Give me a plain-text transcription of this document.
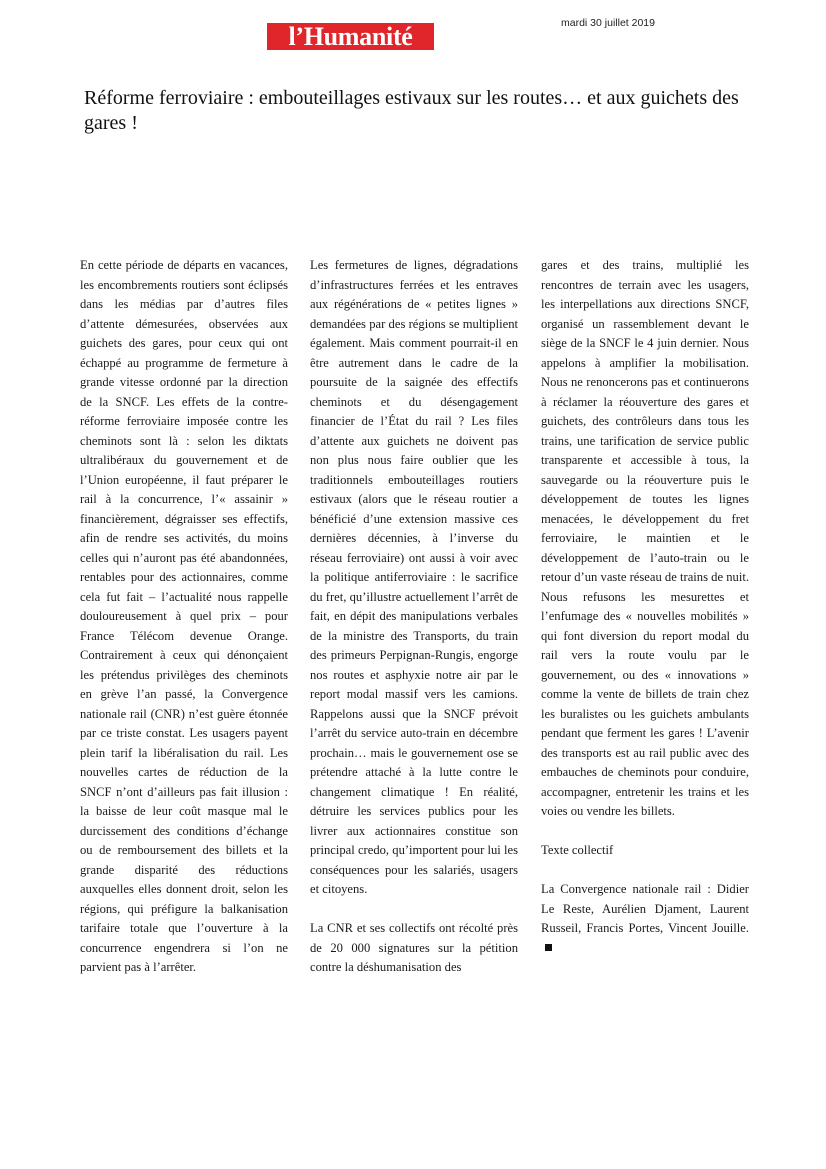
l’Humanité	mardi 30 juillet 2019
Réforme ferroviaire : embouteillages estivaux sur les routes… et aux guichets des gares !

En cette période de départs en vacances, les encombrements routiers sont éclipsés dans les médias par d’autres files d’attente démesurées, observées aux guichets des gares, pour ceux qui ont échappé au programme de fermeture à grande vitesse ordonné par la direction de la SNCF. Les effets de la contre-réforme ferroviaire imposée contre les cheminots sont là : selon les diktats ultralibéraux du gouvernement et de l’Union européenne, il faut préparer le rail à la concurrence, l’« assainir » financièrement, dégraisser ses effectifs, afin de rendre ses activités, du moins celles qui n’auront pas été abandonnées, rentables pour des actionnaires, comme cela fut fait – l’actualité nous rappelle douloureusement à quel prix – pour France Télécom devenue Orange. Contrairement à ceux qui dénonçaient les prétendus privilèges des cheminots en grève l’an passé, la Convergence nationale rail (CNR) n’est guère étonnée par ce triste constat. Les usagers payent plein tarif la libéralisation du rail. Les nouvelles cartes de réduction de la SNCF n’ont d’ailleurs pas fait illusion : la baisse de leur coût masque mal le durcissement des conditions d’échange ou de remboursement des billets et la grande disparité des réductions auxquelles elles donnent droit, selon les régions, qui préfigure la balkanisation tarifaire totale que l’ouverture à la concurrence engendrera si l’on ne parvient pas à l’arrêter.

Les fermetures de lignes, dégradations d’infrastructures ferrées et les entraves aux régénérations de « petites lignes » demandées par des régions se multiplient également. Mais comment pourrait-il en être autrement dans le cadre de la poursuite de la saignée des effectifs cheminots et du désengagement financier de l’État du rail ? Les files d’attente aux guichets ne doivent pas non plus nous faire oublier que les traditionnels embouteillages routiers estivaux (alors que le réseau routier a bénéficié d’une extension massive ces dernières décennies, à l’inverse du réseau ferroviaire) ont aussi à voir avec la politique antiferroviaire : le sacrifice du fret, qu’illustre actuellement l’arrêt de fait, en dépit des manipulations verbales de la ministre des Transports, du train des primeurs Perpignan-Rungis, engorge nos routes et asphyxie notre air par le report modal massif vers les camions. Rappelons aussi que la SNCF prévoit l’arrêt du service auto-train en décembre prochain… mais le gouvernement ose se prétendre attaché à la lutte contre le changement climatique ! En réalité, détruire les services publics pour les livrer aux actionnaires constitue son principal credo, qu’importent pour lui les conséquences pour les salariés, usagers et citoyens.

La CNR et ses collectifs ont récolté près de 20 000 signatures sur la pétition contre la déshumanisation des

gares et des trains, multiplié les rencontres de terrain avec les usagers, les interpellations aux directions SNCF, organisé un rassemblement devant le siège de la SNCF le 4 juin dernier. Nous appelons à amplifier la mobilisation. Nous ne renoncerons pas et continuerons à réclamer la réouverture des gares et guichets, des contrôleurs dans tous les trains, une tarification de service public transparente et accessible à tous, la sauvegarde ou la réouverture puis le développement de toutes les lignes menacées, le développement du fret ferroviaire, le maintien et le développement de l’auto-train ou le retour d’un vaste réseau de trains de nuit. Nous refusons les mesurettes et l’enfumage des « nouvelles mobilités » qui font diversion du report modal du rail vers la route voulu par le gouvernement, ou des « innovations » comme la vente de billets de train chez les buralistes ou les guichets ambulants pendant que ferment les gares ! L’avenir des transports est au rail public avec des embauches de cheminots pour conduire, accompagner, entretenir les trains et les voies ou vendre les billets.

Texte collectif

La Convergence nationale rail : Didier Le Reste, Aurélien Djament, Laurent Russeil, Francis Portes, Vincent Jouille.
